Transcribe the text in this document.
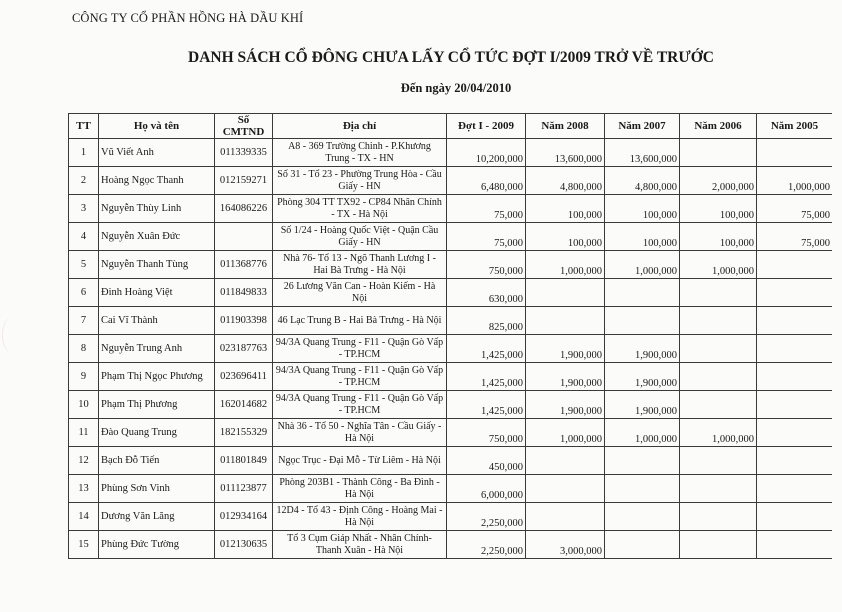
CÔNG TY CỔ PHẦN HỒNG HÀ DẦU KHÍ
DANH SÁCH CỔ ĐÔNG CHƯA LẤY CỔ TỨC ĐỢT I/2009 TRỞ VỀ TRƯỚC
Đến ngày 20/04/2010
TT	Họ và tên	Số CMTND	Địa chỉ	Đợt I - 2009	Năm 2008	Năm 2007	Năm 2006	Năm 2005
1	Vũ Viết Anh	011339335	A8 - 369 Trường Chinh - P.Khương Trung - TX - HN	10,200,000	13,600,000	13,600,000		
2	Hoàng Ngọc Thanh	012159271	Số 31 - Tổ 23 - Phường Trung Hòa - Cầu Giấy - HN	6,480,000	4,800,000	4,800,000	2,000,000	1,000,000
3	Nguyễn Thùy Linh	164086226	Phòng 304 TT TX92 - CP84 Nhân Chính - TX - Hà Nội	75,000	100,000	100,000	100,000	75,000
4	Nguyễn Xuân Đức		Số 1/24 - Hoàng Quốc Việt - Quận Cầu Giấy - HN	75,000	100,000	100,000	100,000	75,000
5	Nguyễn Thanh Tùng	011368776	Nhà 76- Tổ 13 - Ngõ Thanh Lương I - Hai Bà Trưng - Hà Nội	750,000	1,000,000	1,000,000	1,000,000	
6	Đinh Hoàng Việt	011849833	26 Lương Văn Can - Hoàn Kiếm - Hà Nội	630,000				
7	Cai Vĩ Thành	011903398	46 Lạc Trung B - Hai Bà Trưng - Hà Nội	825,000				
8	Nguyễn Trung Anh	023187763	94/3A Quang Trung - F11 - Quận Gò Vấp - TP.HCM	1,425,000	1,900,000	1,900,000		
9	Phạm Thị Ngọc Phương	023696411	94/3A Quang Trung - F11 - Quận Gò Vấp - TP.HCM	1,425,000	1,900,000	1,900,000		
10	Phạm Thị Phương	162014682	94/3A Quang Trung - F11 - Quận Gò Vấp - TP.HCM	1,425,000	1,900,000	1,900,000		
11	Đào Quang Trung	182155329	Nhà 36 - Tổ 50 - Nghĩa Tân - Cầu Giấy - Hà Nội	750,000	1,000,000	1,000,000	1,000,000	
12	Bạch Đỗ Tiến	011801849	Ngọc Trục - Đại Mỗ - Từ Liêm - Hà Nội	450,000				
13	Phùng Sơn Vinh	011123877	Phòng 203B1 - Thành Công - Ba Đình - Hà Nội	6,000,000				
14	Dương Văn Lăng	012934164	12D4 - Tổ 43 - Định Công - Hoàng Mai - Hà Nội	2,250,000				
15	Phùng Đức Tường	012130635	Tổ 3 Cụm Giáp Nhất - Nhân Chính-Thanh Xuân - Hà Nội	2,250,000	3,000,000			
